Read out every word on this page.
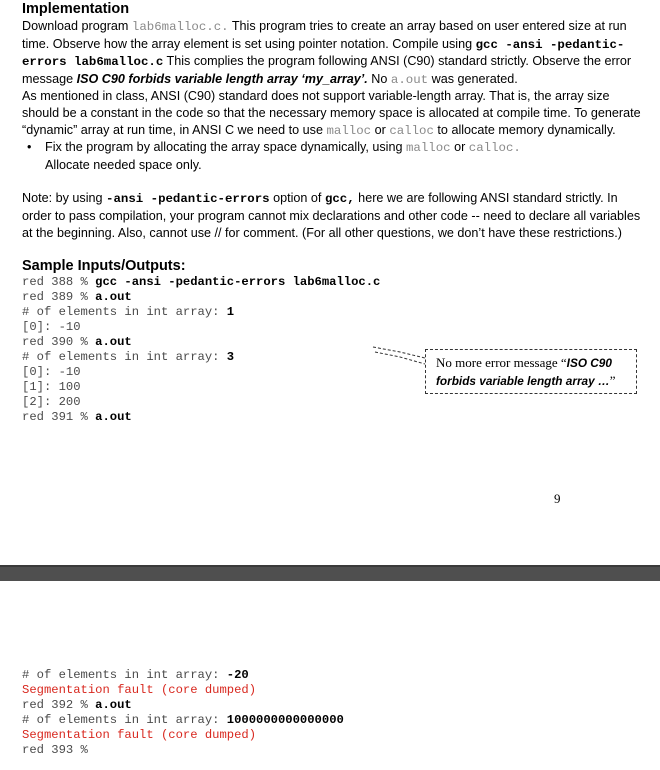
Implementation

Download program lab6malloc.c. This program tries to create an array based on user entered size at run time. Observe how the array element is set using pointer notation. Compile using gcc -ansi -pedantic-errors lab6malloc.c This complies the program following ANSI (C90) standard strictly. Observe the error message ISO C90 forbids variable length array ‘my_array’. No a.out was generated.

As mentioned in class, ANSI (C90) standard does not support variable-length array. That is, the array size should be a constant in the code so that the necessary memory space is allocated at compile time. To generate “dynamic” array at run time, in ANSI C we need to use malloc or calloc to allocate memory dynamically.

• Fix the program by allocating the array space dynamically, using malloc or calloc.
Allocate needed space only.

Note: by using -ansi -pedantic-errors option of gcc, here we are following ANSI standard strictly. In order to pass compilation, your program cannot mix declarations and other code -- need to declare all variables at the beginning. Also, cannot use // for comment. (For all other questions, we don’t have these restrictions.)

Sample Inputs/Outputs:

red 388 % gcc -ansi -pedantic-errors lab6malloc.c

red 389 % a.out

# of elements in int array: 1

[0]: -10

red 390 % a.out

# of elements in int array: 3

[0]: -10

[1]: 100

[2]: 200

red 391 % a.out

No more error message “ISO C90
forbids variable length array …”
9

# of elements in int array: -20

Segmentation fault (core dumped)

red 392 % a.out

# of elements in int array: 1000000000000000

Segmentation fault (core dumped)

red 393 %
